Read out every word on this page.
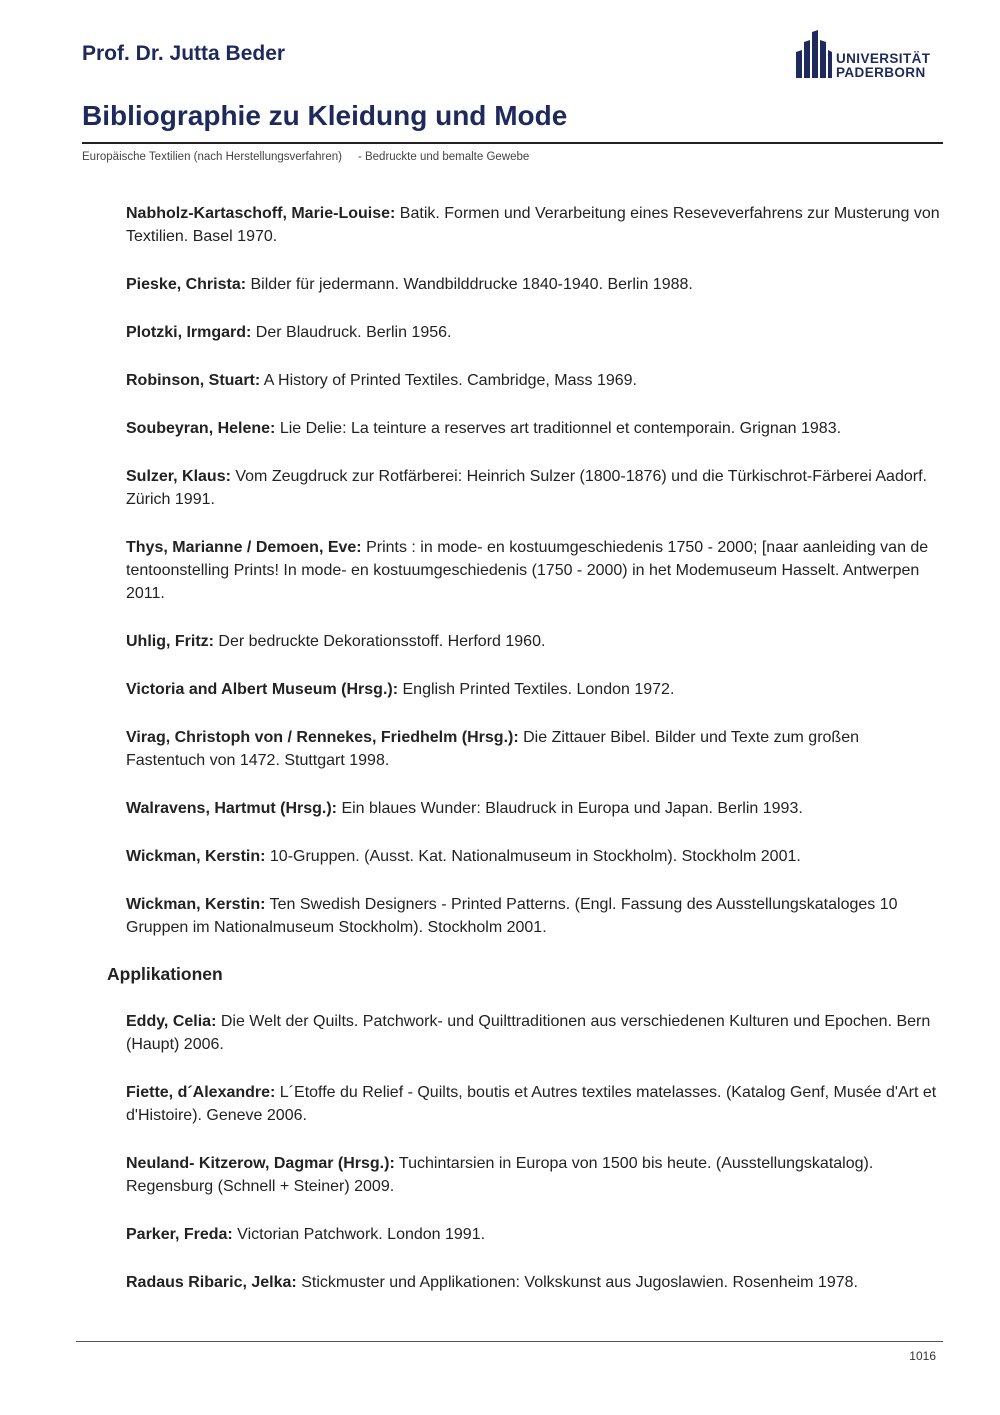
Prof. Dr. Jutta Beder	UNIVERSITÄT
PADERBORN
Bibliographie zu Kleidung und Mode
Europäische Textilien (nach Herstellungsverfahren) - Bedruckte und bemalte Gewebe

Nabholz-Kartaschoff, Marie-Louise: Batik. Formen und Verarbeitung eines Reseveverfahrens zur Musterung von Textilien. Basel 1970.

Pieske, Christa: Bilder für jedermann. Wandbilddrucke 1840-1940. Berlin 1988.

Plotzki, Irmgard: Der Blaudruck. Berlin 1956.

Robinson, Stuart: A History of Printed Textiles. Cambridge, Mass 1969.

Soubeyran, Helene: Lie Delie: La teinture a reserves art traditionnel et contemporain. Grignan 1983.

Sulzer, Klaus: Vom Zeugdruck zur Rotfärberei: Heinrich Sulzer (1800-1876) und die Türkischrot-Färberei Aadorf. Zürich 1991.

Thys, Marianne / Demoen, Eve: Prints : in mode- en kostuumgeschiedenis 1750 - 2000; [naar aanleiding van de tentoonstelling Prints! In mode- en kostuumgeschiedenis (1750 - 2000) in het Modemuseum Hasselt. Antwerpen 2011.

Uhlig, Fritz: Der bedruckte Dekorationsstoff. Herford 1960.

Victoria and Albert Museum (Hrsg.): English Printed Textiles. London 1972.

Virag, Christoph von / Rennekes, Friedhelm (Hrsg.): Die Zittauer Bibel. Bilder und Texte zum großen Fastentuch von 1472. Stuttgart 1998.

Walravens, Hartmut (Hrsg.): Ein blaues Wunder: Blaudruck in Europa und Japan. Berlin 1993.

Wickman, Kerstin: 10-Gruppen. (Ausst. Kat. Nationalmuseum in Stockholm). Stockholm 2001.

Wickman, Kerstin: Ten Swedish Designers - Printed Patterns. (Engl. Fassung des Ausstellungskataloges 10 Gruppen im Nationalmuseum Stockholm). Stockholm 2001.

Applikationen

Eddy, Celia: Die Welt der Quilts. Patchwork- und Quilttraditionen aus verschiedenen Kulturen und Epochen. Bern (Haupt) 2006.

Fiette, d´Alexandre: L´Etoffe du Relief - Quilts, boutis et Autres textiles matelasses. (Katalog Genf, Musée d'Art et d'Histoire). Geneve 2006.

Neuland- Kitzerow, Dagmar (Hrsg.): Tuchintarsien in Europa von 1500 bis heute. (Ausstellungskatalog). Regensburg (Schnell + Steiner) 2009.

Parker, Freda: Victorian Patchwork. London 1991.

Radaus Ribaric, Jelka: Stickmuster und Applikationen: Volkskunst aus Jugoslawien. Rosenheim 1978.

1016
